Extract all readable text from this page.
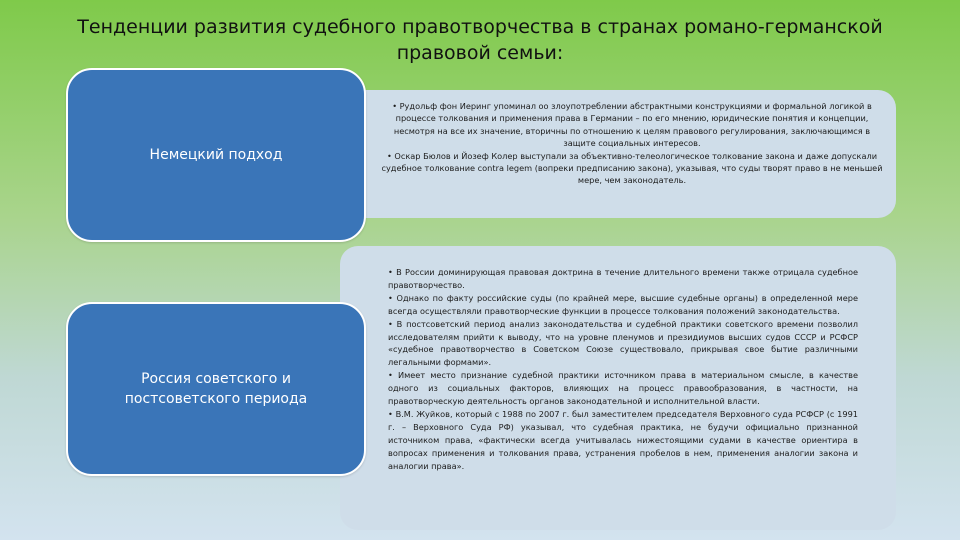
Тенденции развития судебного правотворчества в странах романо-германской правовой семьи:
• Рудольф фон Иеринг упоминал оо злоупотреблении абстрактными конструкциями и формальной логикой в процессе толкования и применения права в Германии – по его мнению, юридические понятия и концепции, несмотря на все их значение, вторичны по отношению к целям правового регулирования, заключающимся в защите социальных интересов.
• Оскар Бюлов и Йозеф Колер выступали за объективно-телеологическое толкование закона и даже допускали судебное толкование contra legem (вопреки предписанию закона), указывая, что суды творят право в не меньшей мере, чем законодатель.
• В России доминирующая правовая доктрина в течение длительного времени также отрицала судебное правотворчество.
• Однако по факту российские суды (по крайней мере, высшие судебные органы) в определенной мере всегда осуществляли правотворческие функции в процессе толкования положений законодательства.
• В постсоветский период анализ законодательства и судебной практики советского времени позволил исследователям прийти к выводу, что на уровне пленумов и президиумов высших судов СССР и РСФСР «судебное правотворчество в Советском Союзе существовало, прикрывая свое бытие различными легальными формами».
• Имеет место признание судебной практики источником права в материальном смысле, в качестве одного из социальных факторов, влияющих на процесс правообразования, в частности, на правотворческую деятельность органов законодательной и исполнительной власти.
• В.М. Жуйков, который с 1988 по 2007 г. был заместителем председателя Верховного суда РСФСР (с 1991 г. – Верховного Суда РФ) указывал, что судебная практика, не будучи официально признанной источником права, «фактически всегда учитывалась нижестоящими судами в качестве ориентира в вопросах применения и толкования права, устранения пробелов в нем, применения аналогии закона и аналогии права».
Немецкий подход
Россия советского и постсоветского периода
